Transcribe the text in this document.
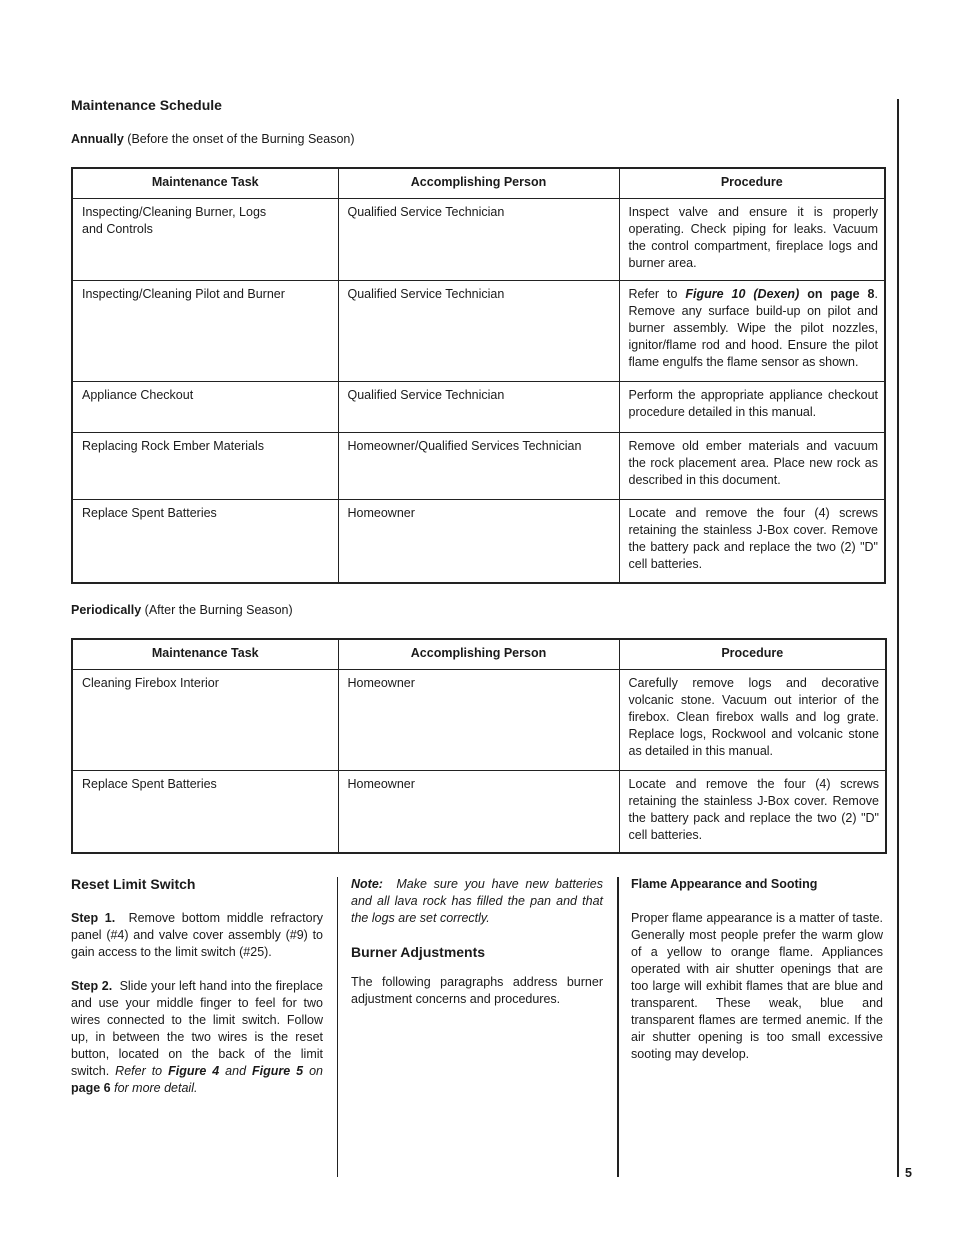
Maintenance Schedule
Annually (Before the onset of the Burning Season)
Maintenance Task	Accomplishing Person	Procedure

Inspecting/Cleaning Burner, Logs
and Controls	Qualified Service Technician	Inspect valve and ensure it is properly operating. Check piping for leaks. Vacuum the control compartment, fireplace logs and burner area.
Inspecting/Cleaning Pilot and Burner	Qualified Service Technician	Refer to Figure 10 (Dexen) on page 8. Remove any surface build-up on pilot and burner assembly. Wipe the pilot nozzles, ignitor/flame rod and hood. Ensure the pilot flame engulfs the flame sensor as shown.
Appliance Checkout	Qualified Service Technician	Perform the appropriate appliance checkout procedure detailed in this manual.
Replacing Rock Ember Materials	Homeowner/Qualified Services Technician	Remove old ember materials and vacuum the rock placement area. Place new rock as described in this document.
Replace Spent Batteries	Homeowner	Locate and remove the four (4) screws retaining the stainless J-Box cover. Remove the battery pack and replace the two (2) "D" cell batteries.
Periodically (After the Burning Season)
Maintenance Task	Accomplishing Person	Procedure
Cleaning Firebox Interior	Homeowner	Carefully remove logs and decorative volcanic stone. Vacuum out interior of the firebox. Clean firebox walls and log grate. Replace logs, Rockwool and volcanic stone as detailed in this manual.
Replace Spent Batteries	Homeowner	Locate and remove the four (4) screws retaining the stainless J-Box cover. Remove the battery pack and replace the two (2) "D" cell batteries.

Reset Limit Switch

Step 1. Remove bottom middle refractory panel (#4) and valve cover assembly (#9) to gain access to the limit switch (#25).

Step 2. Slide your left hand into the fireplace and use your middle finger to feel for two wires connected to the limit switch. Follow up, in between the two wires is the reset button, located on the back of the limit switch. Refer to Figure 4 and Figure 5 on page 6 for more detail.

Note: Make sure you have new batteries and all lava rock has filled the pan and that the logs are set correctly.

Burner Adjustments

The following paragraphs address burner adjustment concerns and procedures.

Flame Appearance and Sooting

Proper flame appearance is a matter of taste. Generally most people prefer the warm glow of a yellow to orange flame. Appliances operated with air shutter openings that are too large will exhibit flames that are blue and transparent. These weak, blue and transparent flames are termed anemic. If the air shutter opening is too small excessive sooting may develop.

5
